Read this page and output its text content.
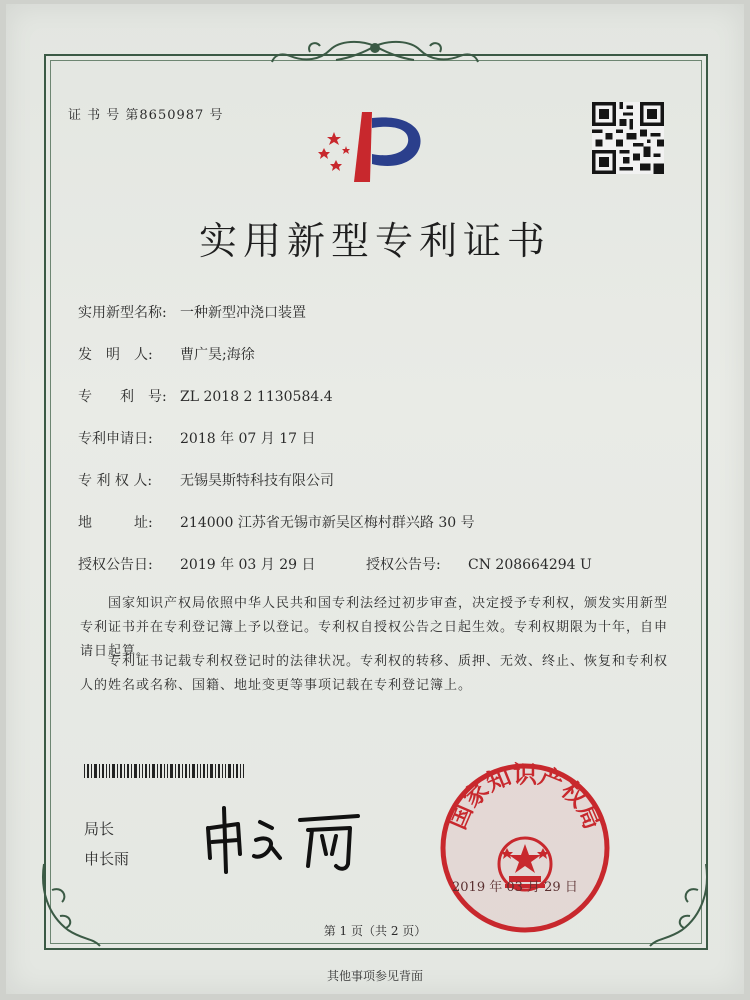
证 书 号 第8650987 号
实用新型专利证书
实用新型名称: 一种新型冲浇口装置
发　明　人: 曹广昊;海徐
专　　利　号: ZL 2018 2 1130584.4
专利申请日: 2018 年 07 月 17 日
专 利 权 人: 无锡昊斯特科技有限公司
地　　　址: 214000 江苏省无锡市新吴区梅村群兴路 30 号
授权公告日: 2019 年 03 月 29 日	授权公告号: CN 208664294 U
国家知识产权局依照中华人民共和国专利法经过初步审查，决定授予专利权，颁发实用新型专利证书并在专利登记簿上予以登记。专利权自授权公告之日起生效。专利权期限为十年，自申请日起算。
专利证书记载专利权登记时的法律状况。专利权的转移、质押、无效、终止、恢复和专利权人的姓名或名称、国籍、地址变更等事项记载在专利登记簿上。
局长
申长雨
国家知识产权局
2019 年 03 月 29 日
第 1 页（共 2 页）
其他事项参见背面
